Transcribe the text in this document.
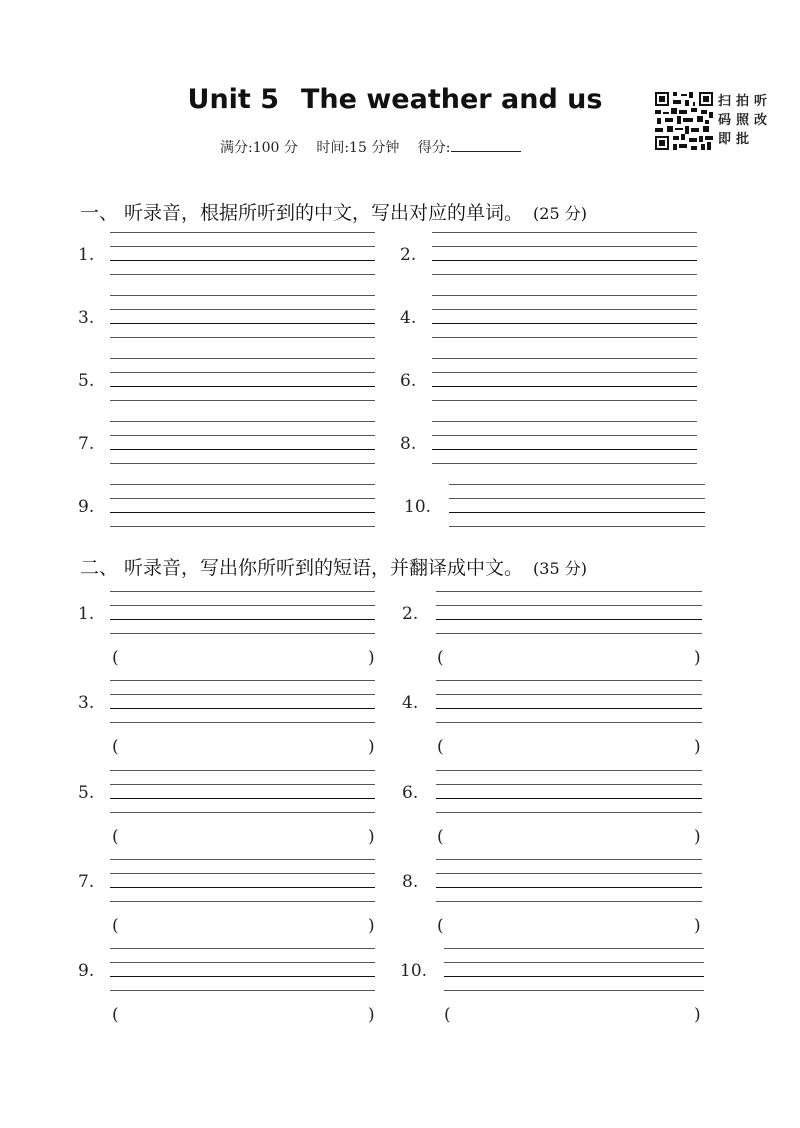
Unit 5 The weather and us
满分:100 分 时间:15 分钟 得分:
扫
码
即
拍
照
批
听
改
一、 听录音，根据所听到的中文，写出对应的单词。 (25 分)
1.	2.
3.	4.
5.	6.
7.	8.
9.	10.
二、 听录音，写出你所听到的短语，并翻译成中文。 (35 分)
1.
(	)
2.
(	)
3.
(	)
4.
(	)
5.
(	)
6.
(	)
7.
(	)
8.
(	)
9.
(	)
10.
(	)
